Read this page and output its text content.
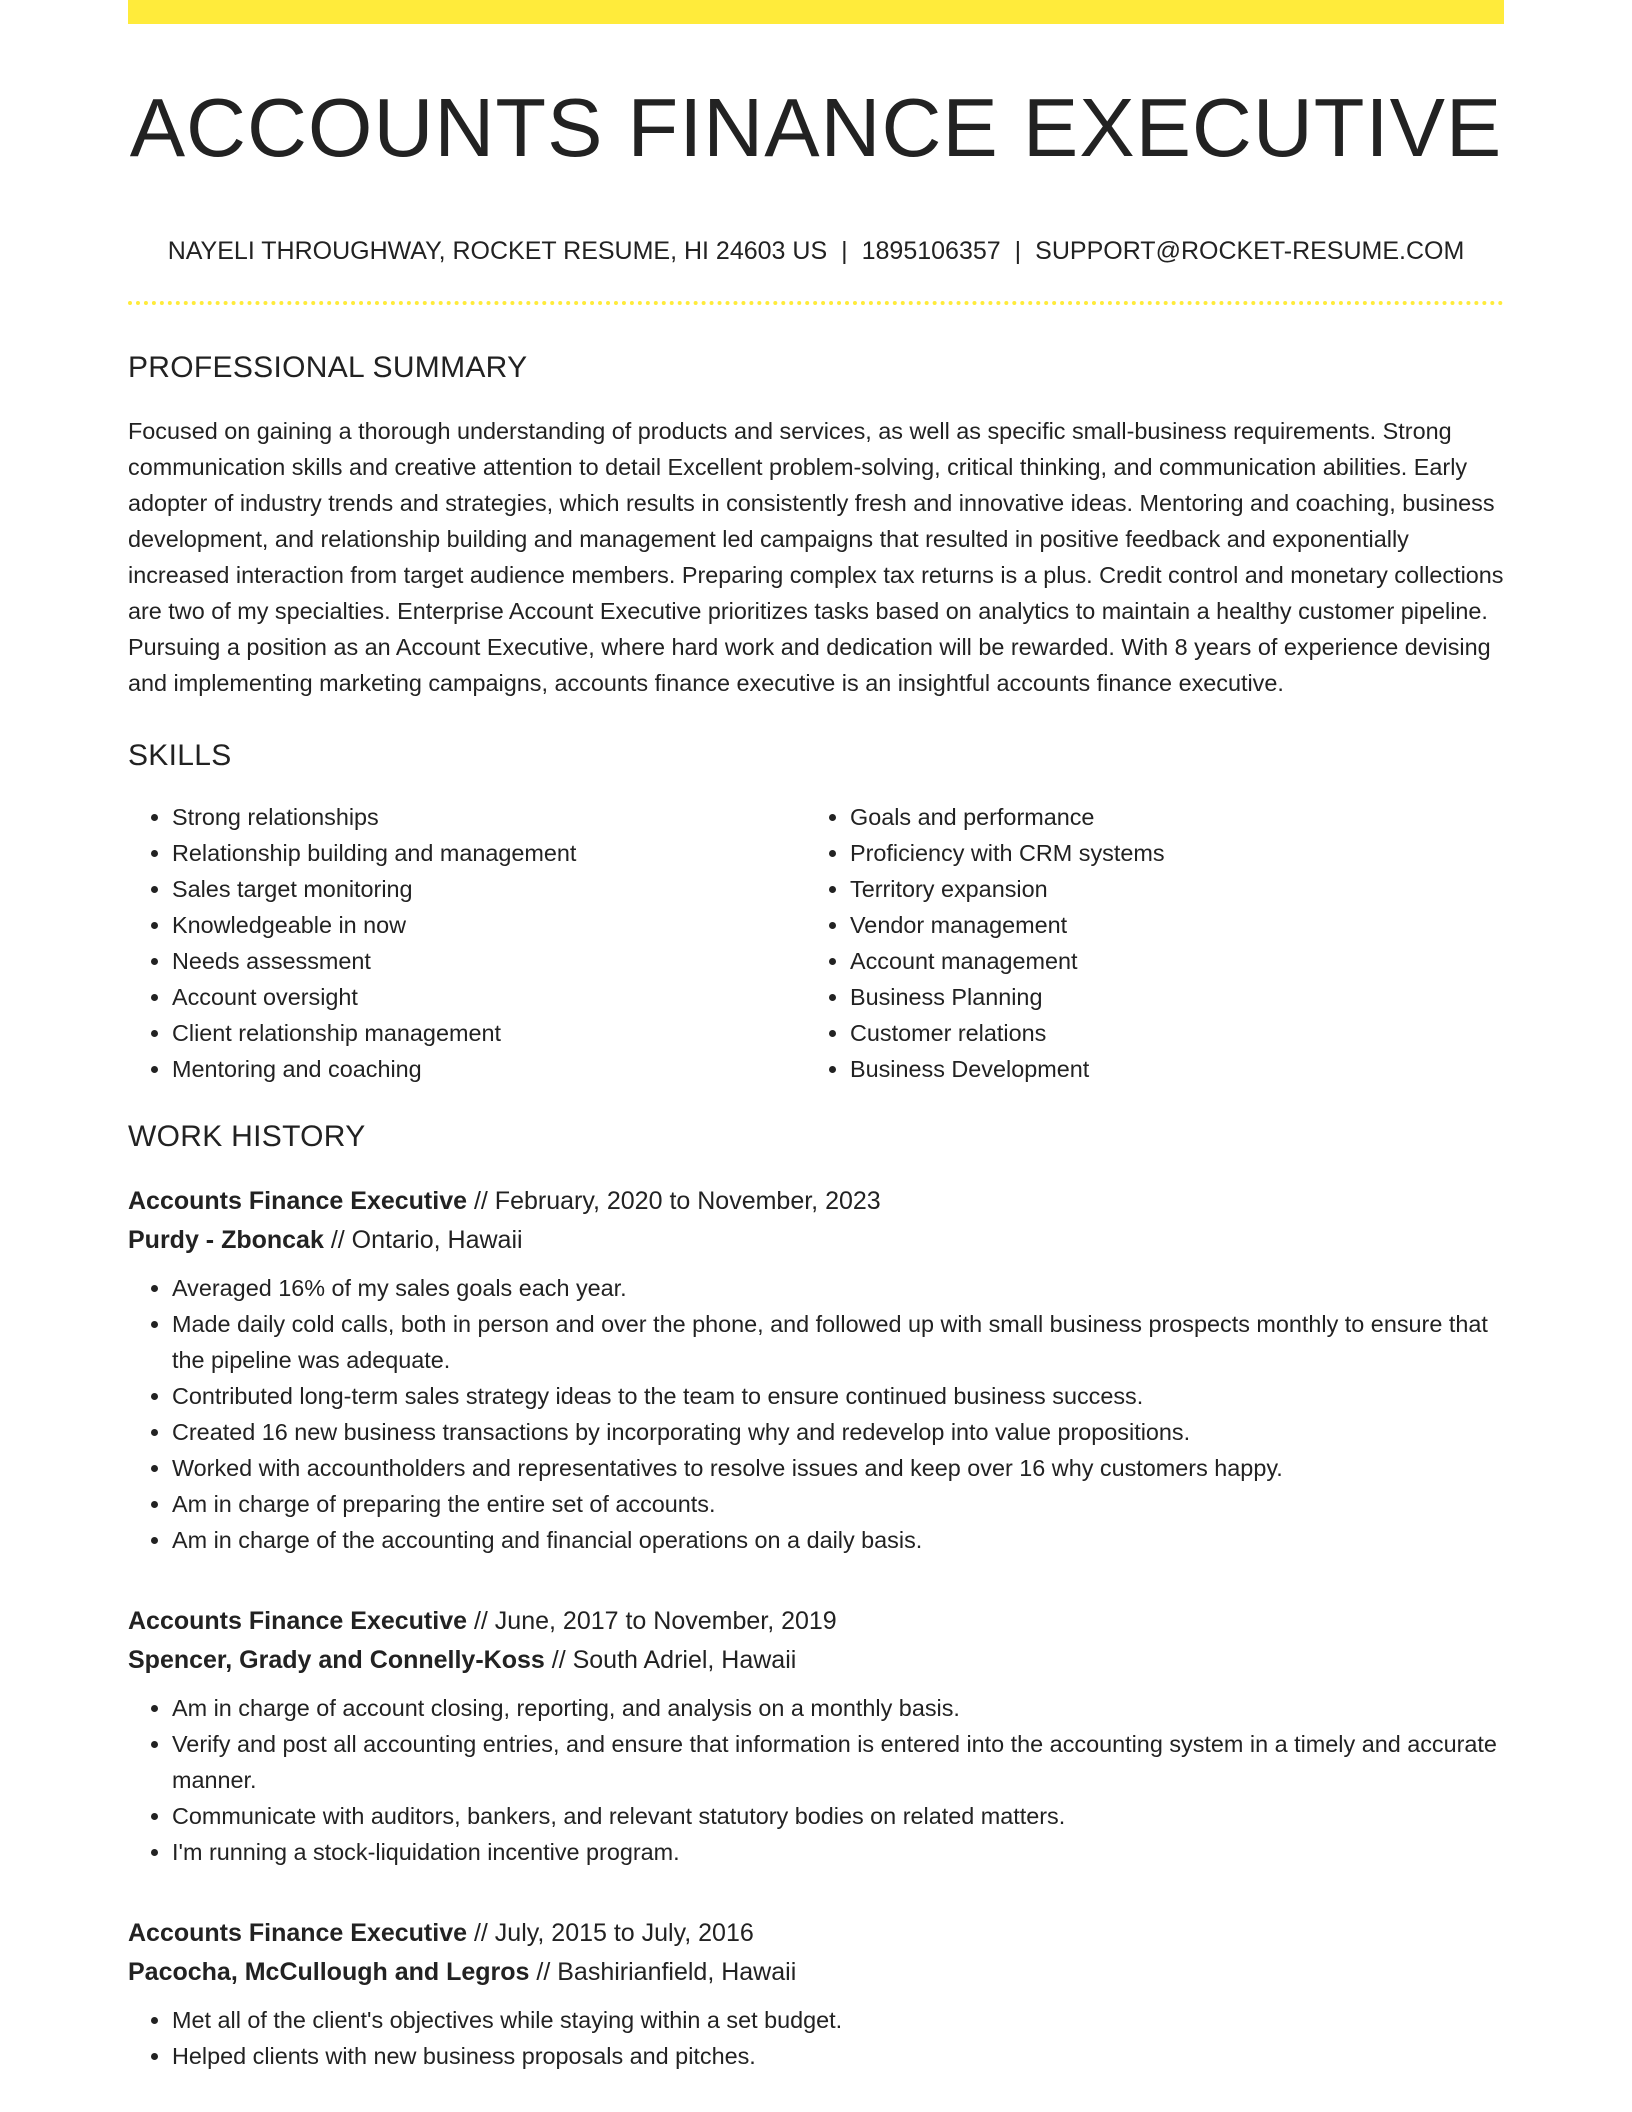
ACCOUNTS FINANCE EXECUTIVE
NAYELI THROUGHWAY, ROCKET RESUME, HI 24603 US | 1895106357 | SUPPORT@ROCKET-RESUME.COM
PROFESSIONAL SUMMARY

Focused on gaining a thorough understanding of products and services, as well as specific small-business requirements. Strong communication skills and creative attention to detail Excellent problem-solving, critical thinking, and communication abilities. Early adopter of industry trends and strategies, which results in consistently fresh and innovative ideas. Mentoring and coaching, business development, and relationship building and management led campaigns that resulted in positive feedback and exponentially increased interaction from target audience members. Preparing complex tax returns is a plus. Credit control and monetary collections are two of my specialties. Enterprise Account Executive prioritizes tasks based on analytics to maintain a healthy customer pipeline. Pursuing a position as an Account Executive, where hard work and dedication will be rewarded. With 8 years of experience devising and implementing marketing campaigns, accounts finance executive is an insightful accounts finance executive.

SKILLS
• Strong relationships
• Relationship building and management
• Sales target monitoring
• Knowledgeable in now
• Needs assessment
• Account oversight
• Client relationship management
• Mentoring and coaching
• Goals and performance
• Proficiency with CRM systems
• Territory expansion
• Vendor management
• Account management
• Business Planning
• Customer relations
• Business Development
WORK HISTORY
Accounts Finance Executive // February, 2020 to November, 2023
Purdy - Zboncak // Ontario, Hawaii
• Averaged 16% of my sales goals each year.
• Made daily cold calls, both in person and over the phone, and followed up with small business prospects monthly to ensure that the pipeline was adequate.
• Contributed long-term sales strategy ideas to the team to ensure continued business success.
• Created 16 new business transactions by incorporating why and redevelop into value propositions.
• Worked with accountholders and representatives to resolve issues and keep over 16 why customers happy.
• Am in charge of preparing the entire set of accounts.
• Am in charge of the accounting and financial operations on a daily basis.
Accounts Finance Executive // June, 2017 to November, 2019
Spencer, Grady and Connelly-Koss // South Adriel, Hawaii
• Am in charge of account closing, reporting, and analysis on a monthly basis.
• Verify and post all accounting entries, and ensure that information is entered into the accounting system in a timely and accurate manner.
• Communicate with auditors, bankers, and relevant statutory bodies on related matters.
• I'm running a stock-liquidation incentive program.
Accounts Finance Executive // July, 2015 to July, 2016
Pacocha, McCullough and Legros // Bashirianfield, Hawaii
• Met all of the client's objectives while staying within a set budget.
• Helped clients with new business proposals and pitches.
